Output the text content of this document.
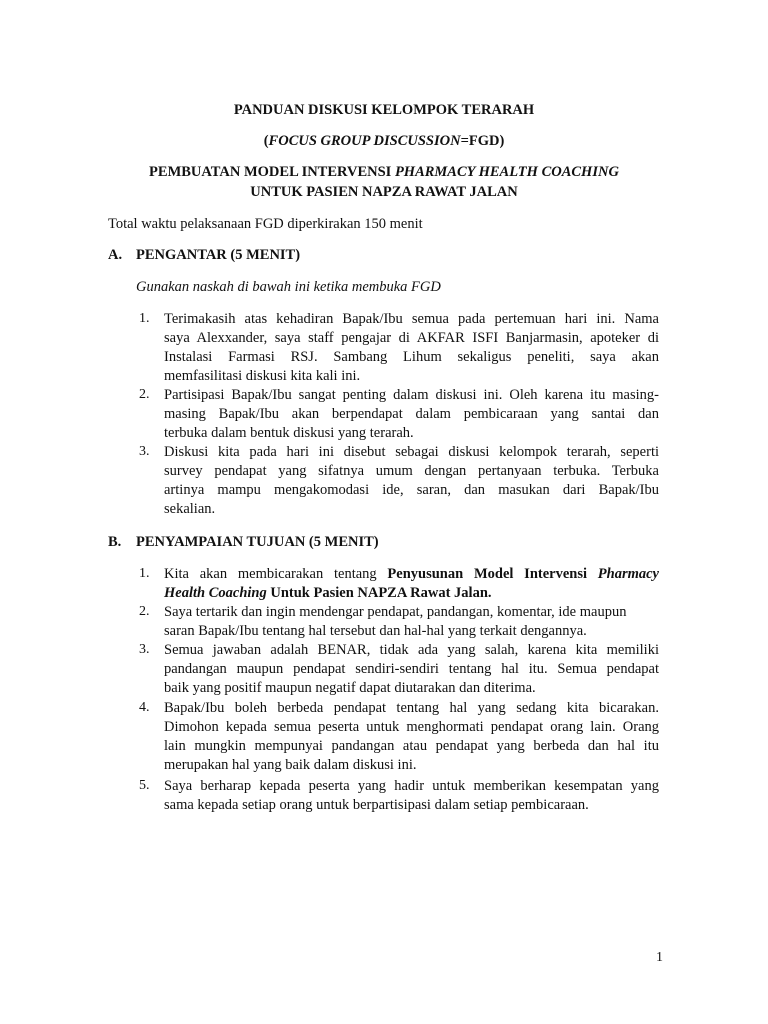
PANDUAN DISKUSI KELOMPOK TERARAH
(FOCUS GROUP DISCUSSION=FGD)
PEMBUATAN MODEL INTERVENSI PHARMACY HEALTH COACHING
UNTUK PASIEN NAPZA RAWAT JALAN
Total waktu pelaksanaan FGD diperkirakan 150 menit
A. PENGANTAR (5 MENIT)
Gunakan naskah di bawah ini ketika membuka FGD
1. Terimakasih atas kehadiran Bapak/Ibu semua pada pertemuan hari ini. Nama
saya Alexxander, saya staff pengajar di AKFAR ISFI Banjarmasin, apoteker di
Instalasi Farmasi RSJ. Sambang Lihum sekaligus peneliti, saya akan
memfasilitasi diskusi kita kali ini.
2. Partisipasi Bapak/Ibu sangat penting dalam diskusi ini. Oleh karena itu masing-
masing Bapak/Ibu akan berpendapat dalam pembicaraan yang santai dan
terbuka dalam bentuk diskusi yang terarah.
3. Diskusi kita pada hari ini disebut sebagai diskusi kelompok terarah, seperti
survey pendapat yang sifatnya umum dengan pertanyaan terbuka. Terbuka
artinya mampu mengakomodasi ide, saran, dan masukan dari Bapak/Ibu
sekalian.
B. PENYAMPAIAN TUJUAN (5 MENIT)
1. Kita akan membicarakan tentang Penyusunan Model Intervensi Pharmacy
Health Coaching Untuk Pasien NAPZA Rawat Jalan.
2. Saya tertarik dan ingin mendengar pendapat, pandangan, komentar, ide maupun
saran Bapak/Ibu tentang hal tersebut dan hal-hal yang terkait dengannya.
3. Semua jawaban adalah BENAR, tidak ada yang salah, karena kita memiliki
pandangan maupun pendapat sendiri-sendiri tentang hal itu. Semua pendapat
baik yang positif maupun negatif dapat diutarakan dan diterima.
4. Bapak/Ibu boleh berbeda pendapat tentang hal yang sedang kita bicarakan.
Dimohon kepada semua peserta untuk menghormati pendapat orang lain. Orang
lain mungkin mempunyai pandangan atau pendapat yang berbeda dan hal itu
merupakan hal yang baik dalam diskusi ini.
5. Saya berharap kepada peserta yang hadir untuk memberikan kesempatan yang
sama kepada setiap orang untuk berpartisipasi dalam setiap pembicaraan.
1
